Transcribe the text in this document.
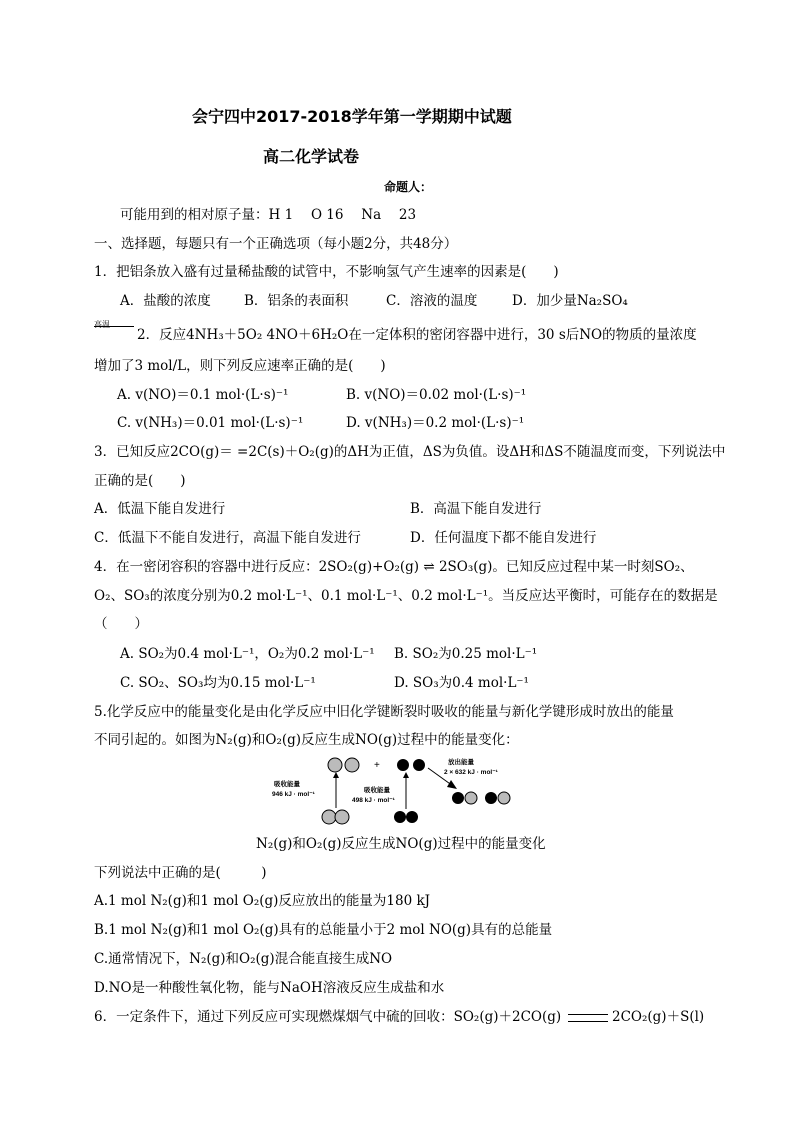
会宁四中2017-2018学年第一学期期中试题
高二化学试卷
命题人：
可能用到的相对原子量：H 1　 O 16　 Na　 23
一、选择题，每题只有一个正确选项（每小题2分，共48分）
1．把铝条放入盛有过量稀盐酸的试管中，不影响氢气产生速率的因素是(　　)
A．盐酸的浓度 B．铝条的表面积	C．溶液的温度	D．加少量Na₂SO₄
高温
2．反应4NH₃＋5O₂ 4NO＋6H₂O在一定体积的密闭容器中进行，30 s后NO的物质的量浓度
增加了3 mol/L，则下列反应速率正确的是(　　)
A. v(NO)＝0.1 mol·(L·s)⁻¹	B. v(NO)＝0.02 mol·(L·s)⁻¹
C. v(NH₃)＝0.01 mol·(L·s)⁻¹	D. v(NH₃)＝0.2 mol·(L·s)⁻¹
3．已知反应2CO(g)＝ =2C(s)＋O₂(g)的ΔH为正值，ΔS为负值。设ΔH和ΔS不随温度而变，下列说法中
正确的是(　　)
A．低温下能自发进行	B．高温下能自发进行
C．低温下不能自发进行，高温下能自发进行	D．任何温度下都不能自发进行
4．在一密闭容积的容器中进行反应：2SO₂(g)+O₂(g) ⇌ 2SO₃(g)。已知反应过程中某一时刻SO₂、
O₂、SO₃的浓度分别为0.2 mol·L⁻¹、0.1 mol·L⁻¹、0.2 mol·L⁻¹。当反应达平衡时，可能存在的数据是
（　　）
A. SO₂为0.4 mol·L⁻¹，O₂为0.2 mol·L⁻¹ B. SO₂为0.25 mol·L⁻¹
C. SO₂、SO₃均为0.15 mol·L⁻¹	D. SO₃为0.4 mol·L⁻¹
5.化学反应中的能量变化是由化学反应中旧化学键断裂时吸收的能量与新化学键形成时放出的能量
不同引起的。如图为N₂(g)和O₂(g)反应生成NO(g)过程中的能量变化：
+
吸收能量
946 kJ · mol⁻¹
吸收能量
498 kJ · mol⁻¹
放出能量
2 × 632 kJ · mol⁻¹
N₂(g)和O₂(g)反应生成NO(g)过程中的能量变化
下列说法中正确的是(　　　)
A.1 mol N₂(g)和1 mol O₂(g)反应放出的能量为180 kJ
B.1 mol N₂(g)和1 mol O₂(g)具有的总能量小于2 mol NO(g)具有的总能量
C.通常情况下，N₂(g)和O₂(g)混合能直接生成NO
D.NO是一种酸性氧化物，能与NaOH溶液反应生成盐和水
6．一定条件下，通过下列反应可实现燃煤烟气中硫的回收：SO₂(g)＋2CO(g)	2CO₂(g)＋S(l)
